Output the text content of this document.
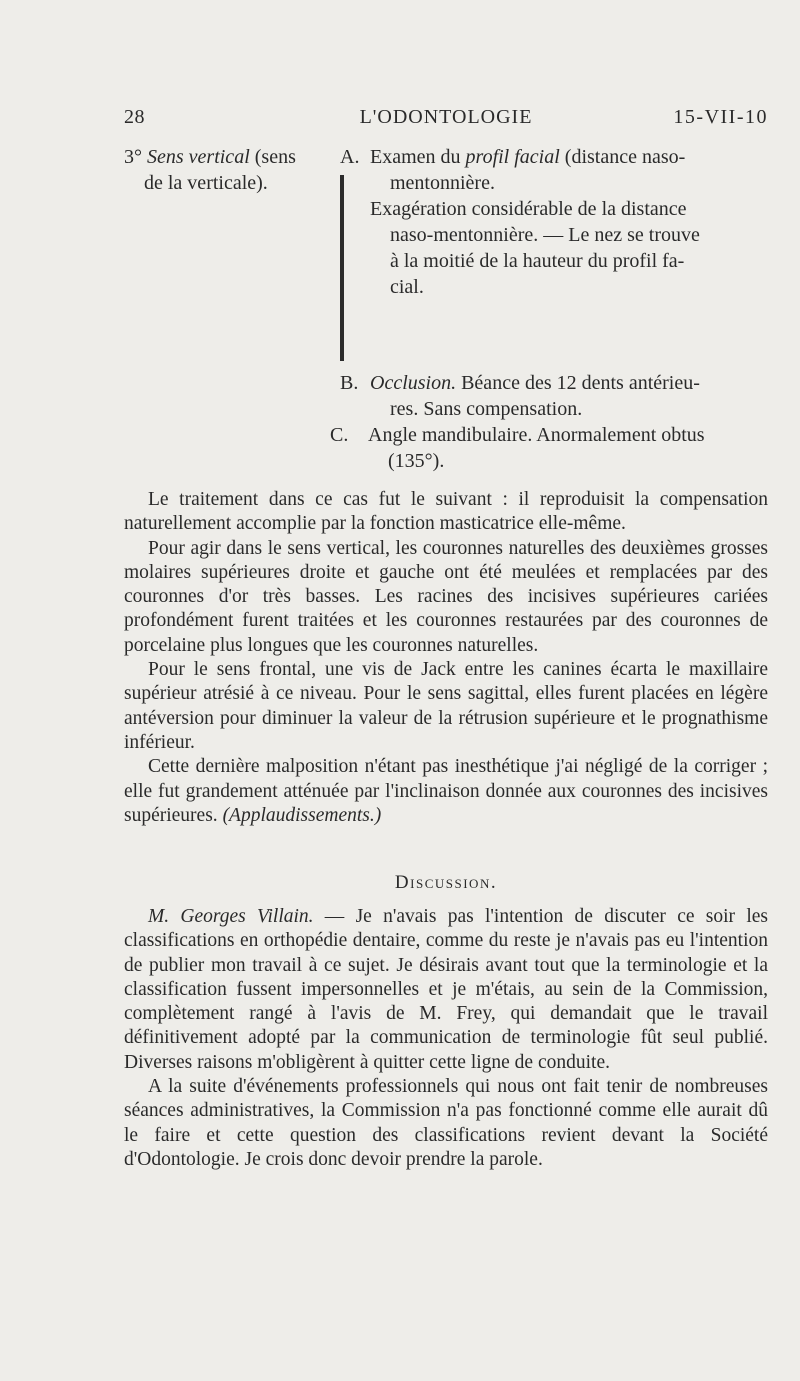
28	L'ODONTOLOGIE	15-VII-10
3° Sens vertical (sens
de la verticale).
A. Examen du profil facial (distance naso-
mentonnière.
Exagération considérable de la distance
naso-mentonnière. — Le nez se trouve
à la moitié de la hauteur du profil fa-
cial.
B. Occlusion. Béance des 12 dents antérieu-
res. Sans compensation.
C. Angle mandibulaire. Anormalement obtus
(135°).

Le traitement dans ce cas fut le suivant : il reproduisit la compensation naturellement accomplie par la fonction masticatrice elle-même.

Pour agir dans le sens vertical, les couronnes naturelles des deuxièmes grosses molaires supérieures droite et gauche ont été meulées et remplacées par des couronnes d'or très basses. Les racines des incisives supérieures cariées profondément furent traitées et les couronnes restaurées par des couronnes de porcelaine plus longues que les couronnes naturelles.

Pour le sens frontal, une vis de Jack entre les canines écarta le maxillaire supérieur atrésié à ce niveau. Pour le sens sagittal, elles furent placées en légère antéversion pour diminuer la valeur de la rétrusion supérieure et le prognathisme inférieur.

Cette dernière malposition n'étant pas inesthétique j'ai négligé de la corriger ; elle fut grandement atténuée par l'inclinaison donnée aux couronnes des incisives supérieures. (Applaudissements.)

Discussion.

M. Georges Villain. — Je n'avais pas l'intention de discuter ce soir les classifications en orthopédie dentaire, comme du reste je n'avais pas eu l'intention de publier mon travail à ce sujet. Je désirais avant tout que la terminologie et la classification fussent impersonnelles et je m'étais, au sein de la Commission, complètement rangé à l'avis de M. Frey, qui demandait que le travail définitivement adopté par la communication de terminologie fût seul publié. Diverses raisons m'obligèrent à quitter cette ligne de conduite.

A la suite d'événements professionnels qui nous ont fait tenir de nombreuses séances administratives, la Commission n'a pas fonctionné comme elle aurait dû le faire et cette question des classifications revient devant la Société d'Odontologie. Je crois donc devoir prendre la parole.
